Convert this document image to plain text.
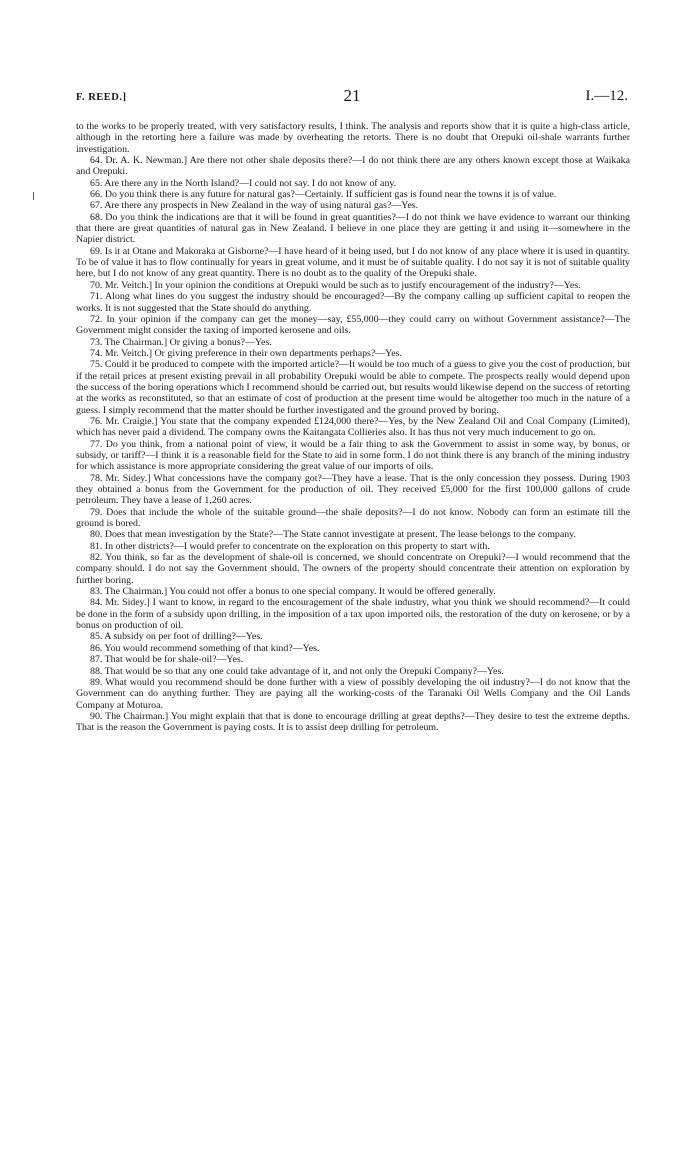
F. REED.]	21	I.—12.

to the works to be properly treated, with very satisfactory results, I think. The analysis and reports show that it is quite a high-class article, although in the retorting here a failure was made by overheating the retorts. There is no doubt that Orepuki oil-shale warrants further investigation.

64. Dr. A. K. Newman.] Are there not other shale deposits there?—I do not think there are any others known except those at Waikaka and Orepuki.

65. Are there any in the North Island?—I could not say. I do not know of any.

66. Do you think there is any future for natural gas?—Certainly. If sufficient gas is found near the towns it is of value.

67. Are there any prospects in New Zealand in the way of using natural gas?—Yes.

68. Do you think the indications are that it will be found in great quantities?—I do not think we have evidence to warrant our thinking that there are great quantities of natural gas in New Zealand. I believe in one place they are getting it and using it—somewhere in the Napier district.

69. Is it at Otane and Makoraka at Gisborne?—I have heard of it being used, but I do not know of any place where it is used in quantity. To be of value it has to flow continually for years in great volume, and it must be of suitable quality. I do not say it is not of suitable quality here, but I do not know of any great quantity. There is no doubt as to the quality of the Orepuki shale.

70. Mr. Veitch.] In your opinion the conditions at Orepuki would be such as to justify encouragement of the industry?—Yes.

71. Along what lines do you suggest the industry should be encouraged?—By the company calling up sufficient capital to reopen the works. It is not suggested that the State should do anything.

72. In your opinion if the company can get the money—say, £55,000—they could carry on without Government assistance?—The Government might consider the taxing of imported kerosene and oils.

73. The Chairman.] Or giving a bonus?—Yes.

74. Mr. Veitch.] Or giving preference in their own departments perhaps?—Yes.

75. Could it be produced to compete with the imported article?—It would be too much of a guess to give you the cost of production, but if the retail prices at present existing prevail in all probability Orepuki would be able to compete. The prospects really would depend upon the success of the boring operations which I recommend should be carried out, but results would likewise depend on the success of retorting at the works as reconstituted, so that an estimate of cost of production at the present time would be altogether too much in the nature of a guess. I simply recommend that the matter should be further investigated and the ground proved by boring.

76. Mr. Craigie.] You state that the company expended £124,000 there?—Yes, by the New Zealand Oil and Coal Company (Limited), which has never paid a dividend. The company owns the Kaitangata Collieries also. It has thus not very much inducement to go on.

77. Do you think, from a national point of view, it would be a fair thing to ask the Government to assist in some way, by bonus, or subsidy, or tariff?—I think it is a reasonable field for the State to aid in some form. I do not think there is any branch of the mining industry for which assistance is more appropriate considering the great value of our imports of oils.

78. Mr. Sidey.] What concessions have the company got?—They have a lease. That is the only concession they possess. During 1903 they obtained a bonus from the Government for the production of oil. They received £5,000 for the first 100,000 gallons of crude petroleum. They have a lease of 1,260 acres.

79. Does that include the whole of the suitable ground—the shale deposits?—I do not know. Nobody can form an estimate till the ground is bored.

80. Does that mean investigation by the State?—The State cannot investigate at present. The lease belongs to the company.

81. In other districts?—I would prefer to concentrate on the exploration on this property to start with.

82. You think, so far as the development of shale-oil is concerned, we should concentrate on Orepuki?—I would recommend that the company should. I do not say the Government should. The owners of the property should concentrate their attention on exploration by further boring.

83. The Chairman.] You could not offer a bonus to one special company. It would be offered generally.

84. Mr. Sidey.] I want to know, in regard to the encouragement of the shale industry, what you think we should recommend?—It could be done in the form of a subsidy upon drilling, in the imposition of a tax upon imported oils, the restoration of the duty on kerosene, or by a bonus on production of oil.

85. A subsidy on per foot of drilling?—Yes.

86. You would recommend something of that kind?—Yes.

87. That would be for shale-oil?—Yes.

88. That would be so that any one could take advantage of it, and not only the Orepuki Company?—Yes.

89. What would you recommend should be done further with a view of possibly developing the oil industry?—I do not know that the Government can do anything further. They are paying all the working-costs of the Taranaki Oil Wells Company and the Oil Lands Company at Moturoa.

90. The Chairman.] You might explain that that is done to encourage drilling at great depths?—They desire to test the extreme depths. That is the reason the Government is paying costs. It is to assist deep drilling for petroleum.
